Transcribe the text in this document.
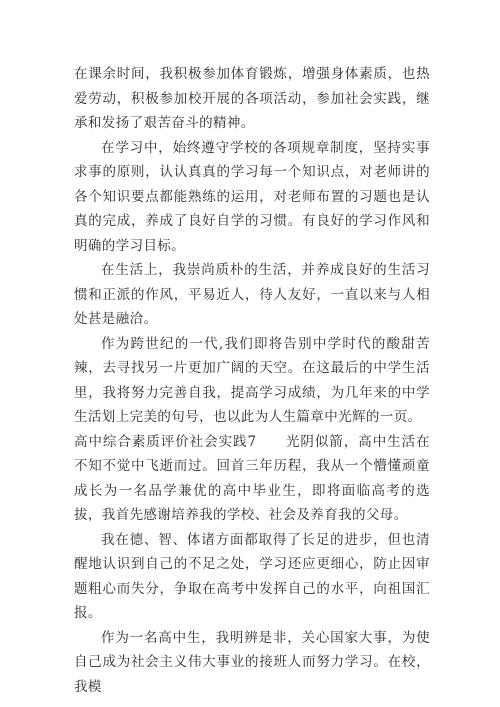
在课余时间，我积极参加体育锻炼，增强身体素质，也热爱劳动，积极参加校开展的各项活动，参加社会实践，继承和发扬了艰苦奋斗的精神。

在学习中，始终遵守学校的各项规章制度，坚持实事求事的原则，认认真真的学习每一个知识点，对老师讲的各个知识要点都能熟练的运用，对老师布置的习题也是认真的完成，养成了良好自学的习惯。有良好的学习作风和明确的学习目标。

在生活上，我崇尚质朴的生活，并养成良好的生活习惯和正派的作风，平易近人，待人友好，一直以来与人相处甚是融洽。

作为跨世纪的一代,我们即将告别中学时代的酸甜苦辣，去寻找另一片更加广阔的天空。在这最后的中学生活里，我将努力完善自我，提高学习成绩，为几年来的中学生活划上完美的句号，也以此为人生篇章中光辉的一页。

高中综合素质评价社会实践7　　光阴似箭，高中生活在不知不觉中飞逝而过。回首三年历程，我从一个懵懂顽童成长为一名品学兼优的高中毕业生，即将面临高考的选拔，我首先感谢培养我的学校、社会及养育我的父母。

我在德、智、体诸方面都取得了长足的进步，但也清醒地认识到自己的不足之处，学习还应更细心，防止因审题粗心而失分，争取在高考中发挥自己的水平，向祖国汇报。

作为一名高中生，我明辨是非，关心国家大事，为使自己成为社会主义伟大事业的接班人而努力学习。在校，我模
